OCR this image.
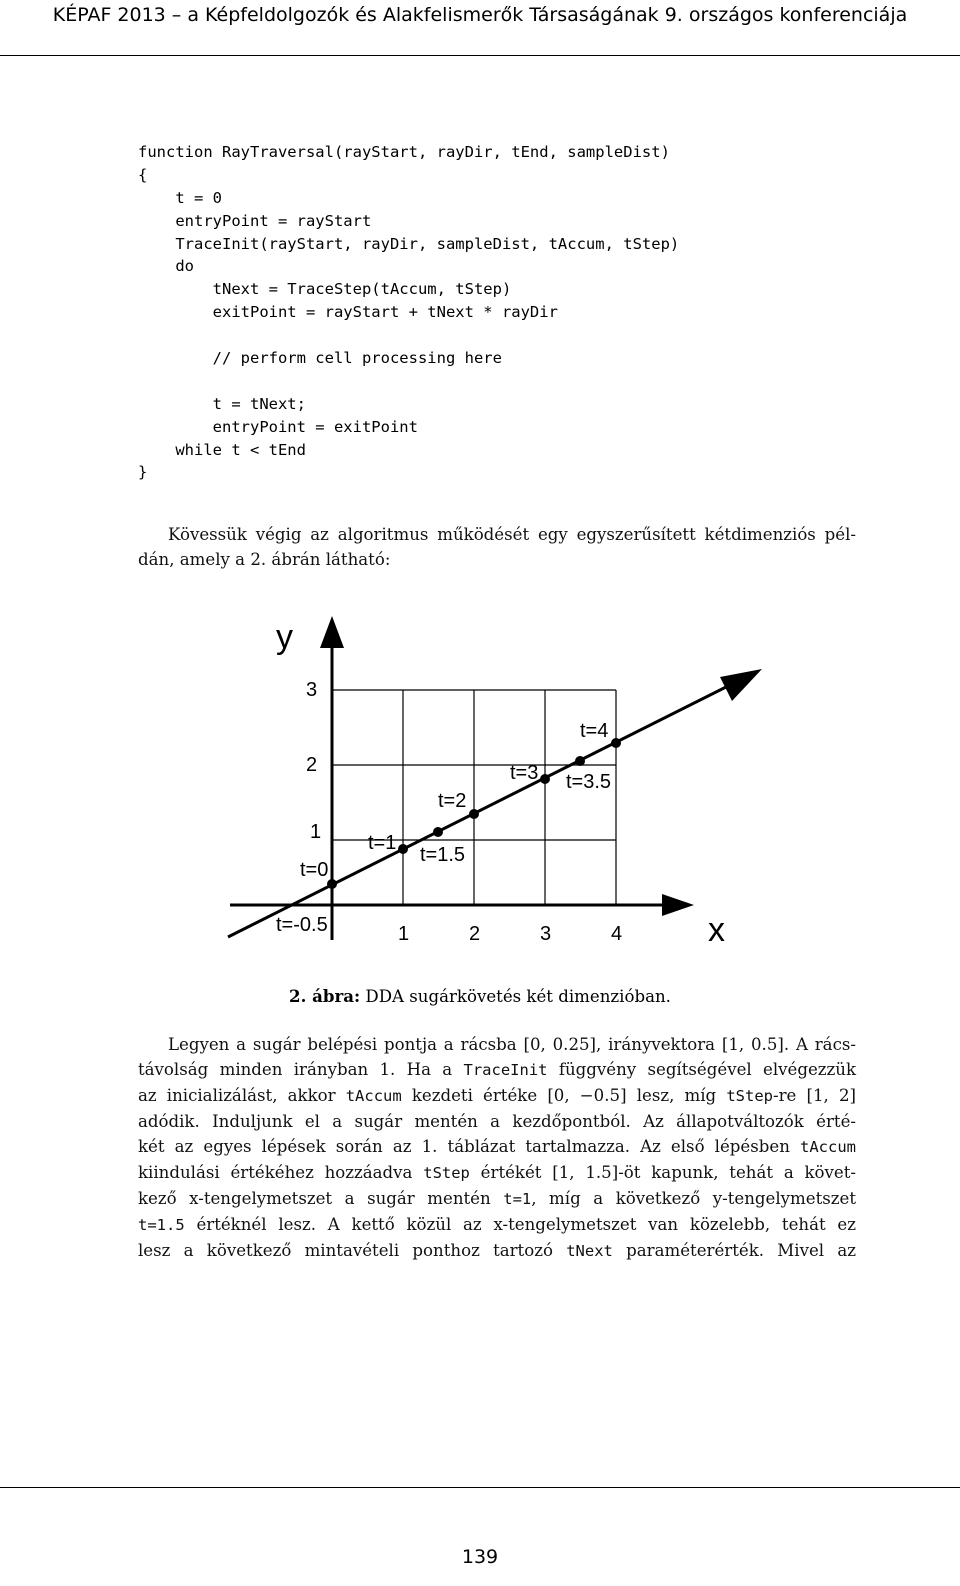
KÉPAF 2013 – a Képfeldolgozók és Alakfelismerők Társaságának 9. országos konferenciája
function RayTraversal(rayStart, rayDir, tEnd, sampleDist)
{
t = 0
entryPoint = rayStart
TraceInit(rayStart, rayDir, sampleDist, tAccum, tStep)
do
tNext = TraceStep(tAccum, tStep)
exitPoint = rayStart + tNext * rayDir
// perform cell processing here
t = tNext;
entryPoint = exitPoint
while t < tEnd
}
Kövessük végig az algoritmus működését egy egyszerűsített kétdimenziós pél-
dán, amely a 2. ábrán látható:
y
x
3
2
1
1	2	3	4
t=0
t=-0.5
t=1
t=1.5
t=2
t=3 t=3.5
t=4
2. ábra: DDA sugárkövetés két dimenzióban.
Legyen a sugár belépési pontja a rácsba [0, 0.25], irányvektora [1, 0.5]. A rács-
távolság minden irányban 1. Ha a TraceInit függvény segítségével elvégezzük
az inicializálást, akkor tAccum kezdeti értéke [0, −0.5] lesz, míg tStep-re [1, 2]
adódik. Induljunk el a sugár mentén a kezdőpontból. Az állapotváltozók érté-
két az egyes lépések során az 1. táblázat tartalmazza. Az első lépésben tAccum
kiindulási értékéhez hozzáadva tStep értékét [1, 1.5]-öt kapunk, tehát a követ-
kező x-tengelymetszet a sugár mentén t=1, míg a következő y-tengelymetszet
t=1.5 értéknél lesz. A kettő közül az x-tengelymetszet van közelebb, tehát ez
lesz a következő mintavételi ponthoz tartozó tNext paraméterérték. Mivel az
139
